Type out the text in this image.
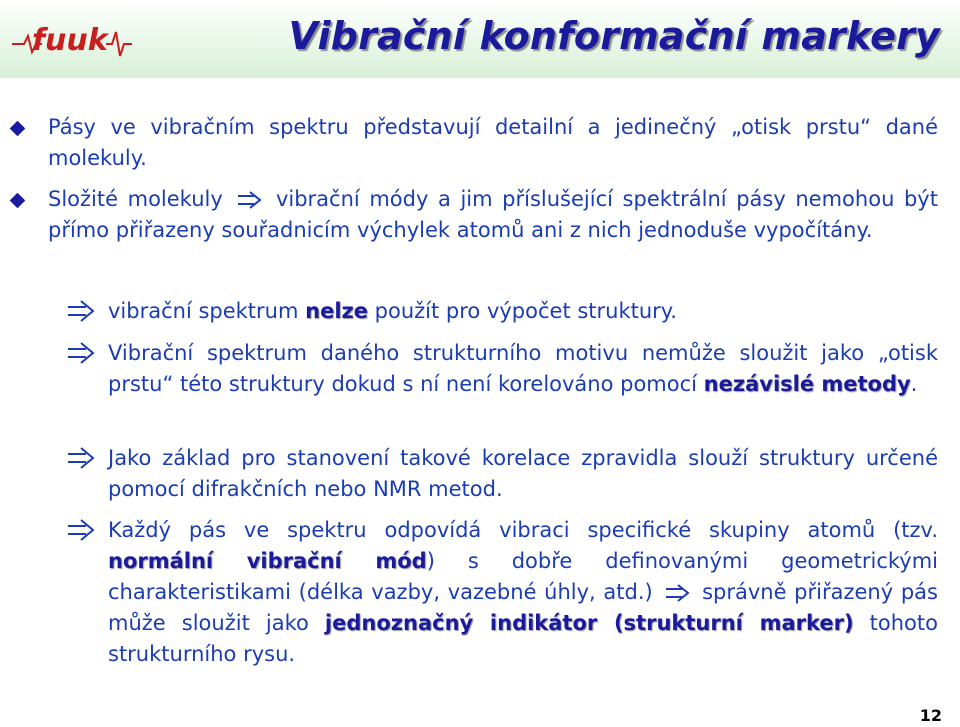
fuuk	Vibrační konformační markery
Pásy ve vibračním spektru představují detailní a jedinečný „otisk prstu“ dané molekuly.
Složité molekuly	vibrační módy a jim příslušející spektrální pásy nemohou být přímo přiřazeny souřadnicím výchylek atomů ani z nich jednoduše vypočítány.
vibrační spektrum nelze použít pro výpočet struktury.
Vibrační spektrum daného strukturního motivu nemůže sloužit jako „otisk prstu“ této struktury dokud s ní není korelováno pomocí nezávislé metody.
Jako základ pro stanovení takové korelace zpravidla slouží struktury určené pomocí difrakčních nebo NMR metod.
Každý pás ve spektru odpovídá vibraci specifické skupiny atomů (tzv. normální vibrační mód) s dobře definovanými geometrickými charakteristikami (délka vazby, vazebné úhly, atd.) správně přiřazený pás může sloužit jako jednoznačný indikátor (strukturní marker) tohoto strukturního rysu.
12
